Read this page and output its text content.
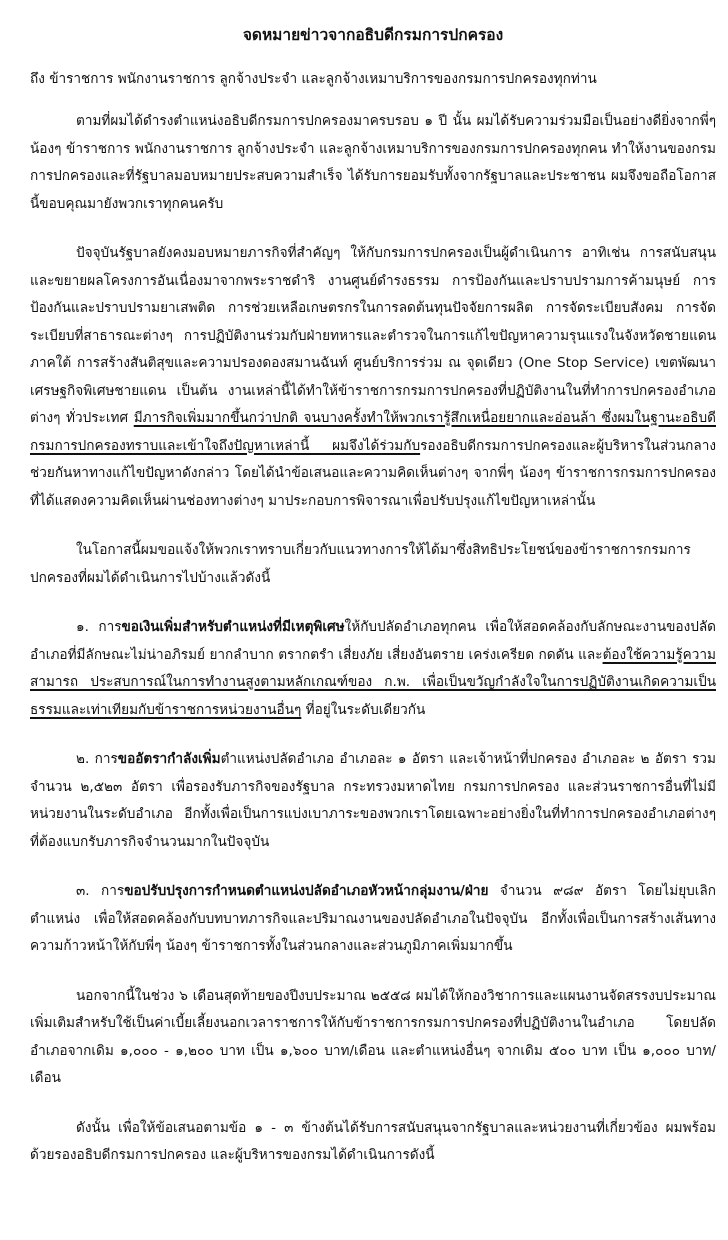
จดหมายข่าวจากอธิบดีกรมการปกครอง
ถึง ข้าราชการ พนักงานราชการ ลูกจ้างประจำ และลูกจ้างเหมาบริการของกรมการปกครองทุกท่าน

ตามที่ผมได้ดำรงตำแหน่งอธิบดีกรมการปกครองมาครบรอบ ๑ ปี นั้น ผมได้รับความร่วมมือเป็นอย่างดียิ่งจากพี่ๆ น้องๆ ข้าราชการ พนักงานราชการ ลูกจ้างประจำ และลูกจ้างเหมาบริการของกรมการปกครองทุกคน ทำให้งานของกรมการปกครองและที่รัฐบาลมอบหมายประสบความสำเร็จ ได้รับการยอมรับทั้งจากรัฐบาลและประชาชน ผมจึงขอถือโอกาสนี้ขอบคุณมายังพวกเราทุกคนครับ

ปัจจุบันรัฐบาลยังคงมอบหมายภารกิจที่สำคัญๆ ให้กับกรมการปกครองเป็นผู้ดำเนินการ อาทิเช่น การสนับสนุนและขยายผลโครงการอันเนื่องมาจากพระราชดำริ งานศูนย์ดำรงธรรม การป้องกันและปราบปรามการค้ามนุษย์ การป้องกันและปราบปรามยาเสพติด การช่วยเหลือเกษตรกรในการลดต้นทุนปัจจัยการผลิต การจัดระเบียบสังคม การจัดระเบียบที่สาธารณะต่างๆ การปฏิบัติงานร่วมกับฝ่ายทหารและตำรวจในการแก้ไขปัญหาความรุนแรงในจังหวัดชายแดนภาคใต้ การสร้างสันติสุขและความปรองดองสมานฉันท์ ศูนย์บริการร่วม ณ จุดเดียว (One Stop Service) เขตพัฒนาเศรษฐกิจพิเศษชายแดน เป็นต้น งานเหล่านี้ได้ทำให้ข้าราชการกรมการปกครองที่ปฏิบัติงานในที่ทำการปกครองอำเภอต่างๆ ทั่วประเทศ มีภารกิจเพิ่มมากขึ้นกว่าปกติ จนบางครั้งทำให้พวกเรารู้สึกเหนื่อยยากและอ่อนล้า ซึ่งผมในฐานะอธิบดีกรมการปกครองทราบและเข้าใจถึงปัญหาเหล่านี้ ผมจึงได้ร่วมกับรองอธิบดีกรมการปกครองและผู้บริหารในส่วนกลางช่วยกันหาทางแก้ไขปัญหาดังกล่าว โดยได้นำข้อเสนอและความคิดเห็นต่างๆ จากพี่ๆ น้องๆ ข้าราชการกรมการปกครองที่ได้แสดงความคิดเห็นผ่านช่องทางต่างๆ มาประกอบการพิจารณาเพื่อปรับปรุงแก้ไขปัญหาเหล่านั้น

ในโอกาสนี้ผมขอแจ้งให้พวกเราทราบเกี่ยวกับแนวทางการให้ได้มาซึ่งสิทธิประโยชน์ของข้าราชการกรมการปกครองที่ผมได้ดำเนินการไปบ้างแล้วดังนี้

๑. การขอเงินเพิ่มสำหรับตำแหน่งที่มีเหตุพิเศษให้กับปลัดอำเภอทุกคน เพื่อให้สอดคล้องกับลักษณะงานของปลัดอำเภอที่มีลักษณะไม่น่าอภิรมย์ ยากลำบาก ตรากตรำ เสี่ยงภัย เสี่ยงอันตราย เคร่งเครียด กดดัน และต้องใช้ความรู้ความสามารถ ประสบการณ์ในการทำงานสูงตามหลักเกณฑ์ของ ก.พ. เพื่อเป็นขวัญกำลังใจในการปฏิบัติงานเกิดความเป็นธรรมและเท่าเทียมกับข้าราชการหน่วยงานอื่นๆ ที่อยู่ในระดับเดียวกัน

๒. การขออัตรากำลังเพิ่มตำแหน่งปลัดอำเภอ อำเภอละ ๑ อัตรา และเจ้าหน้าที่ปกครอง อำเภอละ ๒ อัตรา รวมจำนวน ๒,๕๒๓ อัตรา เพื่อรองรับภารกิจของรัฐบาล กระทรวงมหาดไทย กรมการปกครอง และส่วนราชการอื่นที่ไม่มีหน่วยงานในระดับอำเภอ อีกทั้งเพื่อเป็นการแบ่งเบาภาระของพวกเราโดยเฉพาะอย่างยิ่งในที่ทำการปกครองอำเภอต่างๆ ที่ต้องแบกรับภารกิจจำนวนมากในปัจจุบัน

๓. การขอปรับปรุงการกำหนดตำแหน่งปลัดอำเภอหัวหน้ากลุ่มงาน/ฝ่าย จำนวน ๙๘๙ อัตรา โดยไม่ยุบเลิกตำแหน่ง เพื่อให้สอดคล้องกับบทบาทภารกิจและปริมาณงานของปลัดอำเภอในปัจจุบัน อีกทั้งเพื่อเป็นการสร้างเส้นทางความก้าวหน้าให้กับพี่ๆ น้องๆ ข้าราชการทั้งในส่วนกลางและส่วนภูมิภาคเพิ่มมากขึ้น

นอกจากนี้ในช่วง ๖ เดือนสุดท้ายของปีงบประมาณ ๒๕๕๘ ผมได้ให้กองวิชาการและแผนงานจัดสรรงบประมาณเพิ่มเติมสำหรับใช้เป็นค่าเบี้ยเลี้ยงนอกเวลาราชการให้กับข้าราชการกรมการปกครองที่ปฏิบัติงานในอำเภอ โดยปลัดอำเภอจากเดิม ๑,๐๐๐ - ๑,๒๐๐ บาท เป็น ๑,๖๐๐ บาท/เดือน และตำแหน่งอื่นๆ จากเดิม ๕๐๐ บาท เป็น ๑,๐๐๐ บาท/เดือน

ดังนั้น เพื่อให้ข้อเสนอตามข้อ ๑ - ๓ ข้างต้นได้รับการสนับสนุนจากรัฐบาลและหน่วยงานที่เกี่ยวข้อง ผมพร้อมด้วยรองอธิบดีกรมการปกครอง และผู้บริหารของกรมได้ดำเนินการดังนี้
